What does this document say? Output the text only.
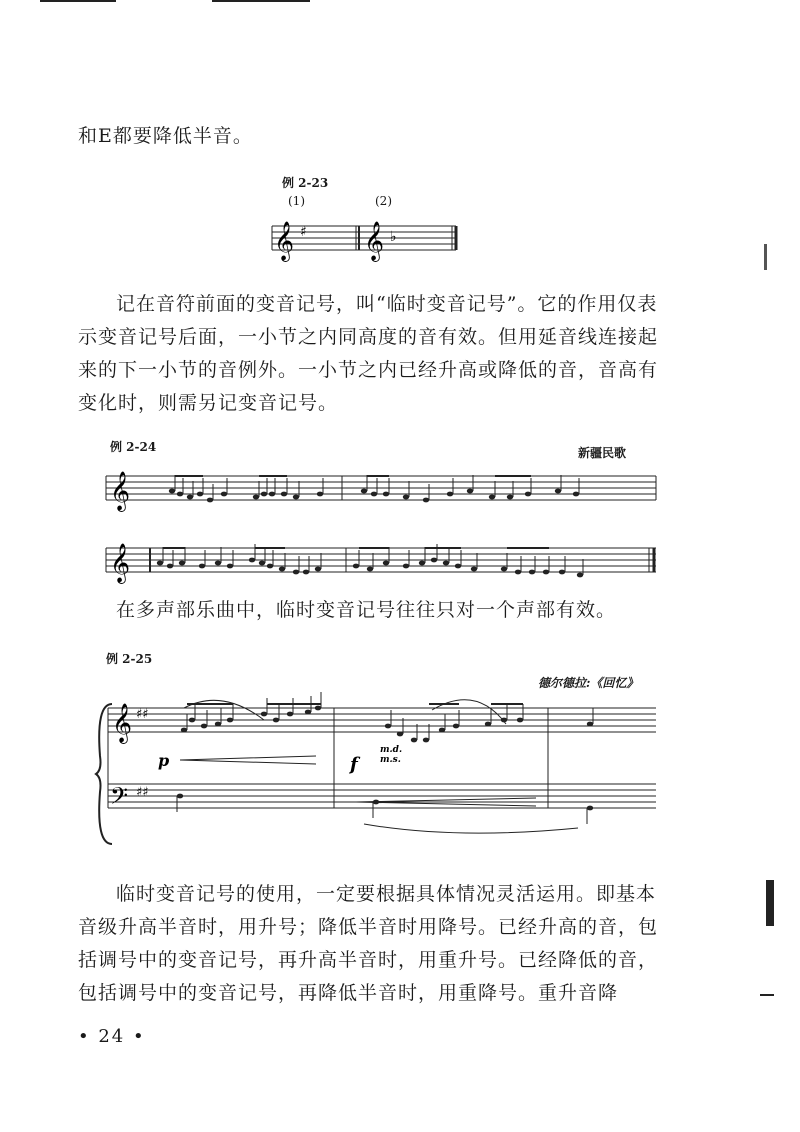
和E都要降低半音。

例 2-23
(1)	(2)
𝄞 ♯ 𝄞 ♭

记在音符前面的变音记号，叫“临时变音记号”。它的作用仅表示变音记号后面，一小节之内同高度的音有效。但用延音线连接起来的下一小节的音例外。一小节之内已经升高或降低的音，音高有变化时，则需另记变音记号。

例 2-24	新疆民歌
𝄞
𝄞

在多声部乐曲中，临时变音记号往往只对一个声部有效。

例 2-25
德尔德拉:《回忆》
𝄞 ♯♯
𝄢 ♯♯
p	f
m.d.
m.s.

临时变音记号的使用，一定要根据具体情况灵活运用。即基本音级升高半音时，用升号；降低半音时用降号。已经升高的音，包括调号中的变音记号，再升高半音时，用重升号。已经降低的音，包括调号中的变音记号，再降低半音时，用重降号。重升音降

• 24 •
